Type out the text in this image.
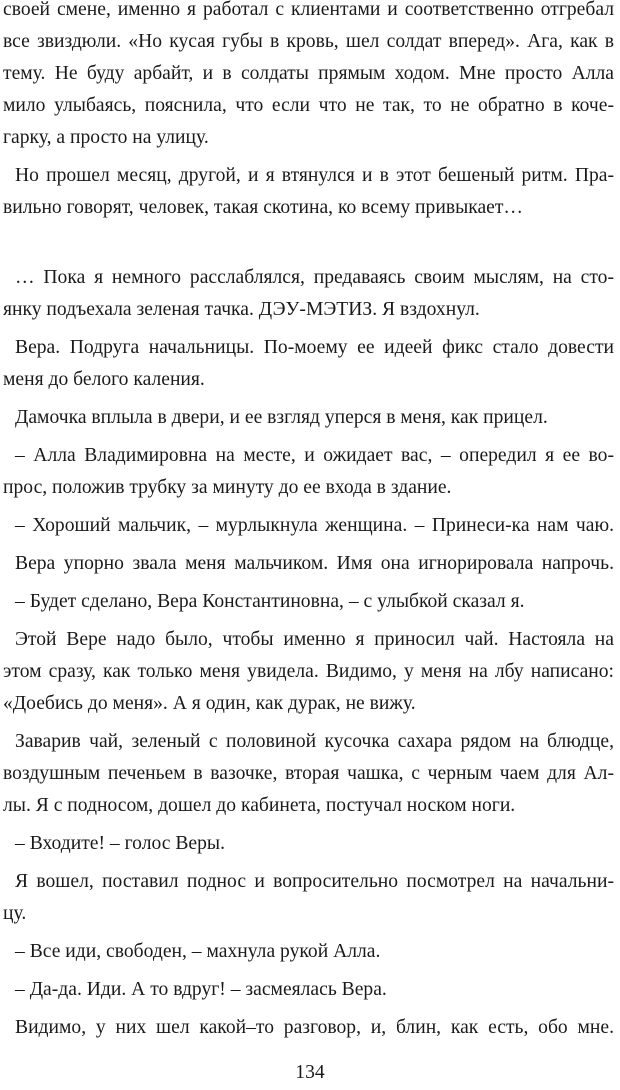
своей смене, именно я работал с клиентами и соответственно отгребал
все звиздюли. «Но кусая губы в кровь, шел солдат вперед». Ага, как в
тему. Не буду арбайт, и в солдаты прямым ходом. Мне просто Алла
мило улыбаясь, пояснила, что если что не так, то не обратно в коче-
гарку, а просто на улицу.
Но прошел месяц, другой, и я втянулся и в этот бешеный ритм. Пра-
вильно говорят, человек, такая скотина, ко всему привыкает…
… Пока я немного расслаблялся, предаваясь своим мыслям, на сто-
янку подъехала зеленая тачка. ДЭУ-МЭТИЗ. Я вздохнул.
Вера. Подруга начальницы. По-моему ее идеей фикс стало довести
меня до белого каления.
Дамочка вплыла в двери, и ее взгляд уперся в меня, как прицел.
– Алла Владимировна на месте, и ожидает вас, – опередил я ее во-
прос, положив трубку за минуту до ее входа в здание.
– Хороший мальчик, – мурлыкнула женщина. – Принеси-ка нам чаю.
Вера упорно звала меня мальчиком. Имя она игнорировала напрочь.
– Будет сделано, Вера Константиновна, – с улыбкой сказал я.
Этой Вере надо было, чтобы именно я приносил чай. Настояла на
этом сразу, как только меня увидела. Видимо, у меня на лбу написано:
«Доебись до меня». А я один, как дурак, не вижу.
Заварив чай, зеленый с половиной кусочка сахара рядом на блюдце,
воздушным печеньем в вазочке, вторая чашка, с черным чаем для Ал-
лы. Я с подносом, дошел до кабинета, постучал носком ноги.
– Входите! – голос Веры.
Я вошел, поставил поднос и вопросительно посмотрел на начальни-
цу.
– Все иди, свободен, – махнула рукой Алла.
– Да-да. Иди. А то вдруг! – засмеялась Вера.
Видимо, у них шел какой–то разговор, и, блин, как есть, обо мне.
134
